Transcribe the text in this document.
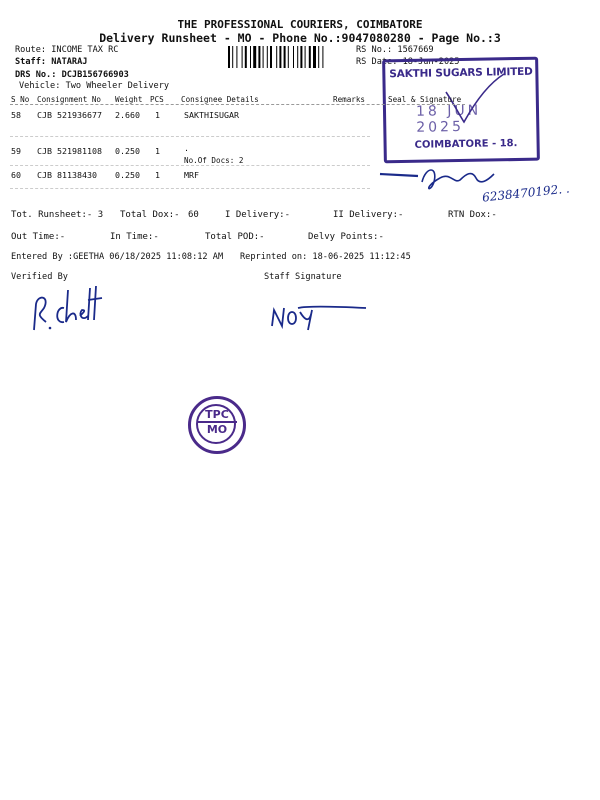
THE PROFESSIONAL COURIERS, COIMBATORE
Delivery Runsheet - MO - Phone No.:9047080280 - Page No.:3
Route: INCOME TAX RC
Staff: NATARAJ
DRS No.: DCJB156766903
Vehicle: Two Wheeler Delivery
RS No.: 1567669
RS Date: 18-Jun-2025
SAKTHI SUGARS LIMITED
18 JUN 2025
COIMBATORE - 18.
S No Consignment No Weight PCS Consignee Details	Remarks	Seal & Signature
58 CJB 521936677 2.660 1	SAKTHISUGAR
59 CJB 521981108 0.250 1	.
No.Of Docs: 2
60 CJB 81138430 0.250 1	MRF
6238470192. .
Tot. Runsheet:- 3 Total Dox:- 60	I Delivery:-	II Delivery:-	RTN Dox:-
Out Time:-	In Time:-	Total POD:-	Delvy Points:-
Entered By :GEETHA 06/18/2025 11:08:12 AM Reprinted on: 18-06-2025 11:12:45
Verified By	Staff Signature
TPC
MO
